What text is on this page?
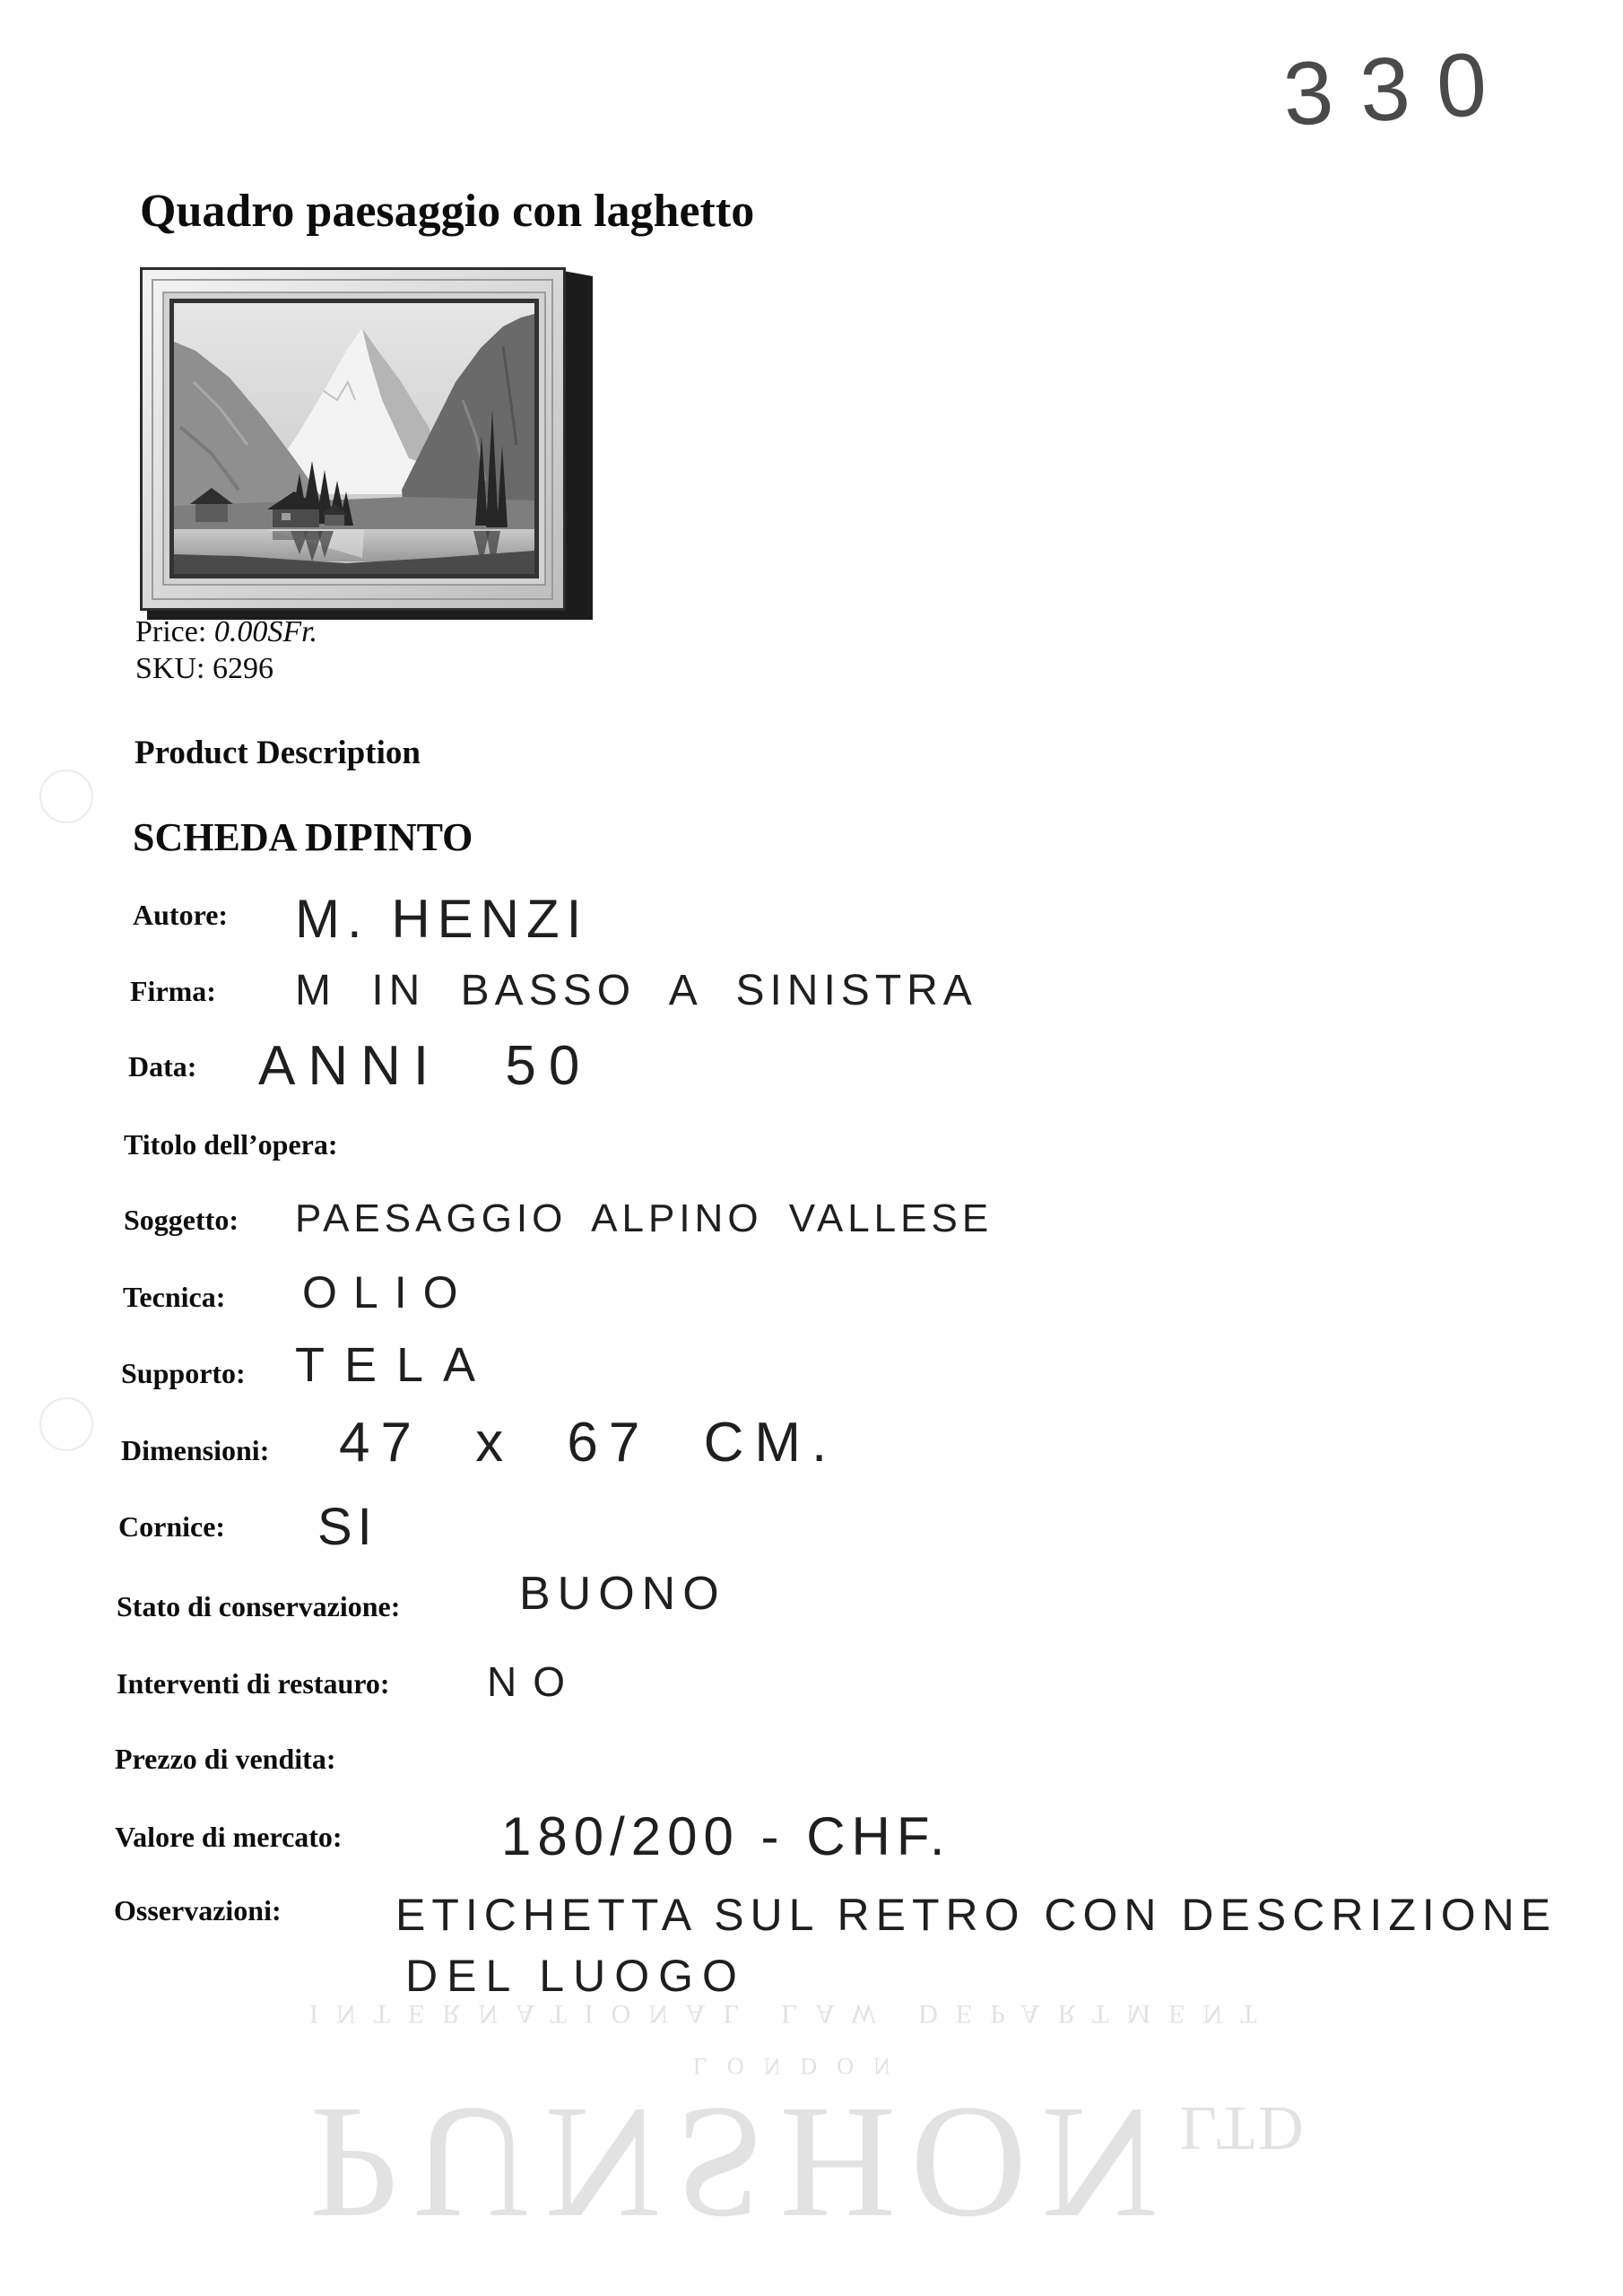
330
Quadro paesaggio con laghetto
Price: 0.00SFr.
SKU: 6296
Product Description
SCHEDA DIPINTO
Autore:
Firma:
Data:
Titolo dell’opera:
Soggetto:
Tecnica:
Supporto:
Dimensioni:
Cornice:
Stato di conservazione:
Interventi di restauro:
Prezzo di vendita:
Valore di mercato:
Osservazioni:
M. HENZI
M IN BASSO A SINISTRA
ANNI 50
PAESAGGIO ALPINO VALLESE
OLIO
TELA
47 x 67 CM.
SI
BUONO
NO
180/200 - CHF.
ETICHETTA SUL RETRO CON DESCRIZIONE
DEL LUOGO
INTERNATIONAL LAW DEPARTMENT
LONDON
PUNSHON LTD
